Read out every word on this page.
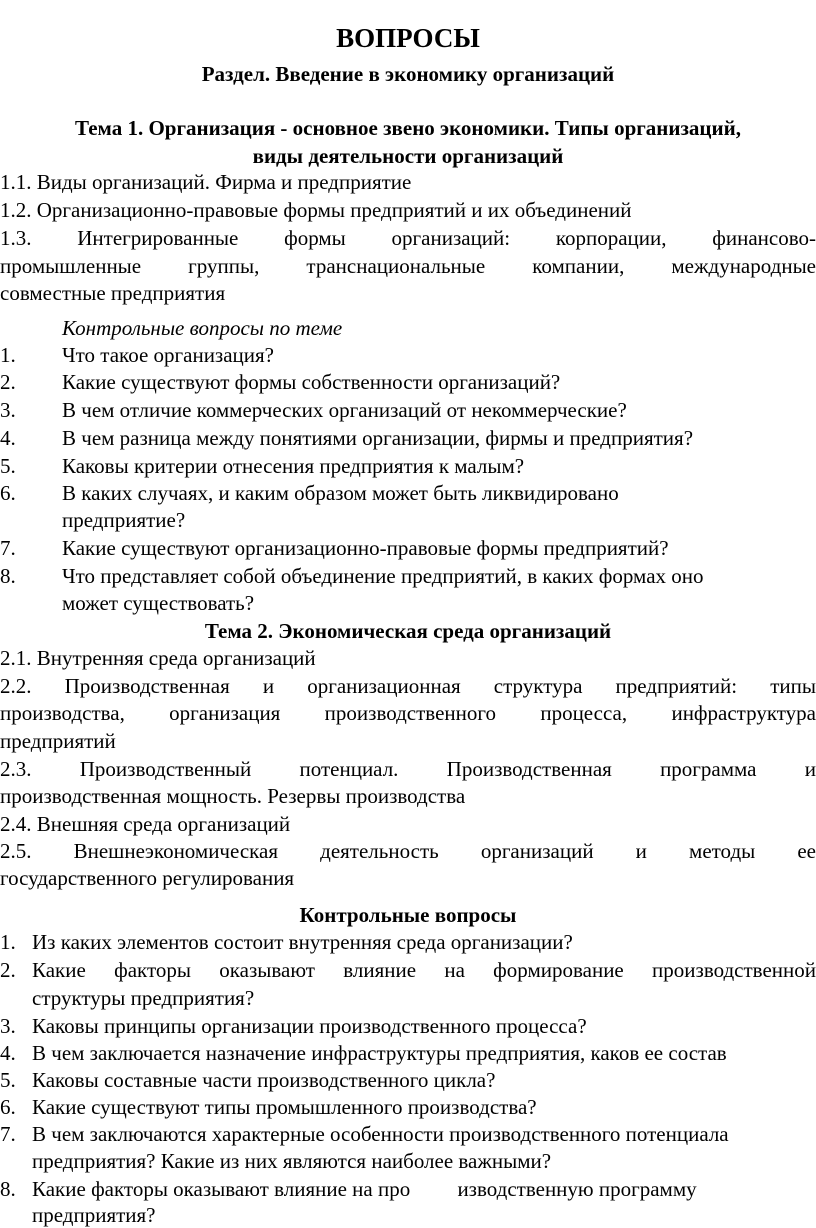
ВОПРОСЫ
Раздел. Введение в экономику организаций
Тема 1. Организация - основное звено экономики. Типы организаций,
виды деятельности организаций
1.1. Виды организаций. Фирма и предприятие
1.2. Организационно-правовые формы предприятий и их объединений
1.3. Интегрированные формы организаций: корпорации, финансово-
промышленные группы, транснациональные компании, международные
совместные предприятия
Контрольные вопросы по теме
1. Что такое организация?
2. Какие существуют формы собственности организаций?
3. В чем отличие коммерческих организаций от некоммерческие?
4. В чем разница между понятиями организации, фирмы и предприятия?
5. Каковы критерии отнесения предприятия к малым?
6. В каких случаях, и каким образом может быть ликвидировано
предприятие?
7. Какие существуют организационно-правовые формы предприятий?
8. Что представляет собой объединение предприятий, в каких формах оно
может существовать?
Тема 2. Экономическая среда организаций
2.1. Внутренняя среда организаций
2.2. Производственная и организационная структура предприятий: типы
производства, организация производственного процесса, инфраструктура
предприятий
2.3. Производственный потенциал. Производственная программа и
производственная мощность. Резервы производства
2.4. Внешняя среда организаций
2.5. Внешнеэкономическая деятельность организаций и методы ее
государственного регулирования
Контрольные вопросы
1. Из каких элементов состоит внутренняя среда организации?
2. Какие факторы оказывают влияние на формирование производственной
структуры предприятия?
3. Каковы принципы организации производственного процесса?
4. В чем заключается назначение инфраструктуры предприятия, каков ее состав
5. Каковы составные части производственного цикла?
6. Какие существуют типы промышленного производства?
7. В чем заключаются характерные особенности производственного потенциала
предприятия? Какие из них являются наиболее важными?
8. Какие факторы оказывают влияние на про         изводственную программу
предприятия?
